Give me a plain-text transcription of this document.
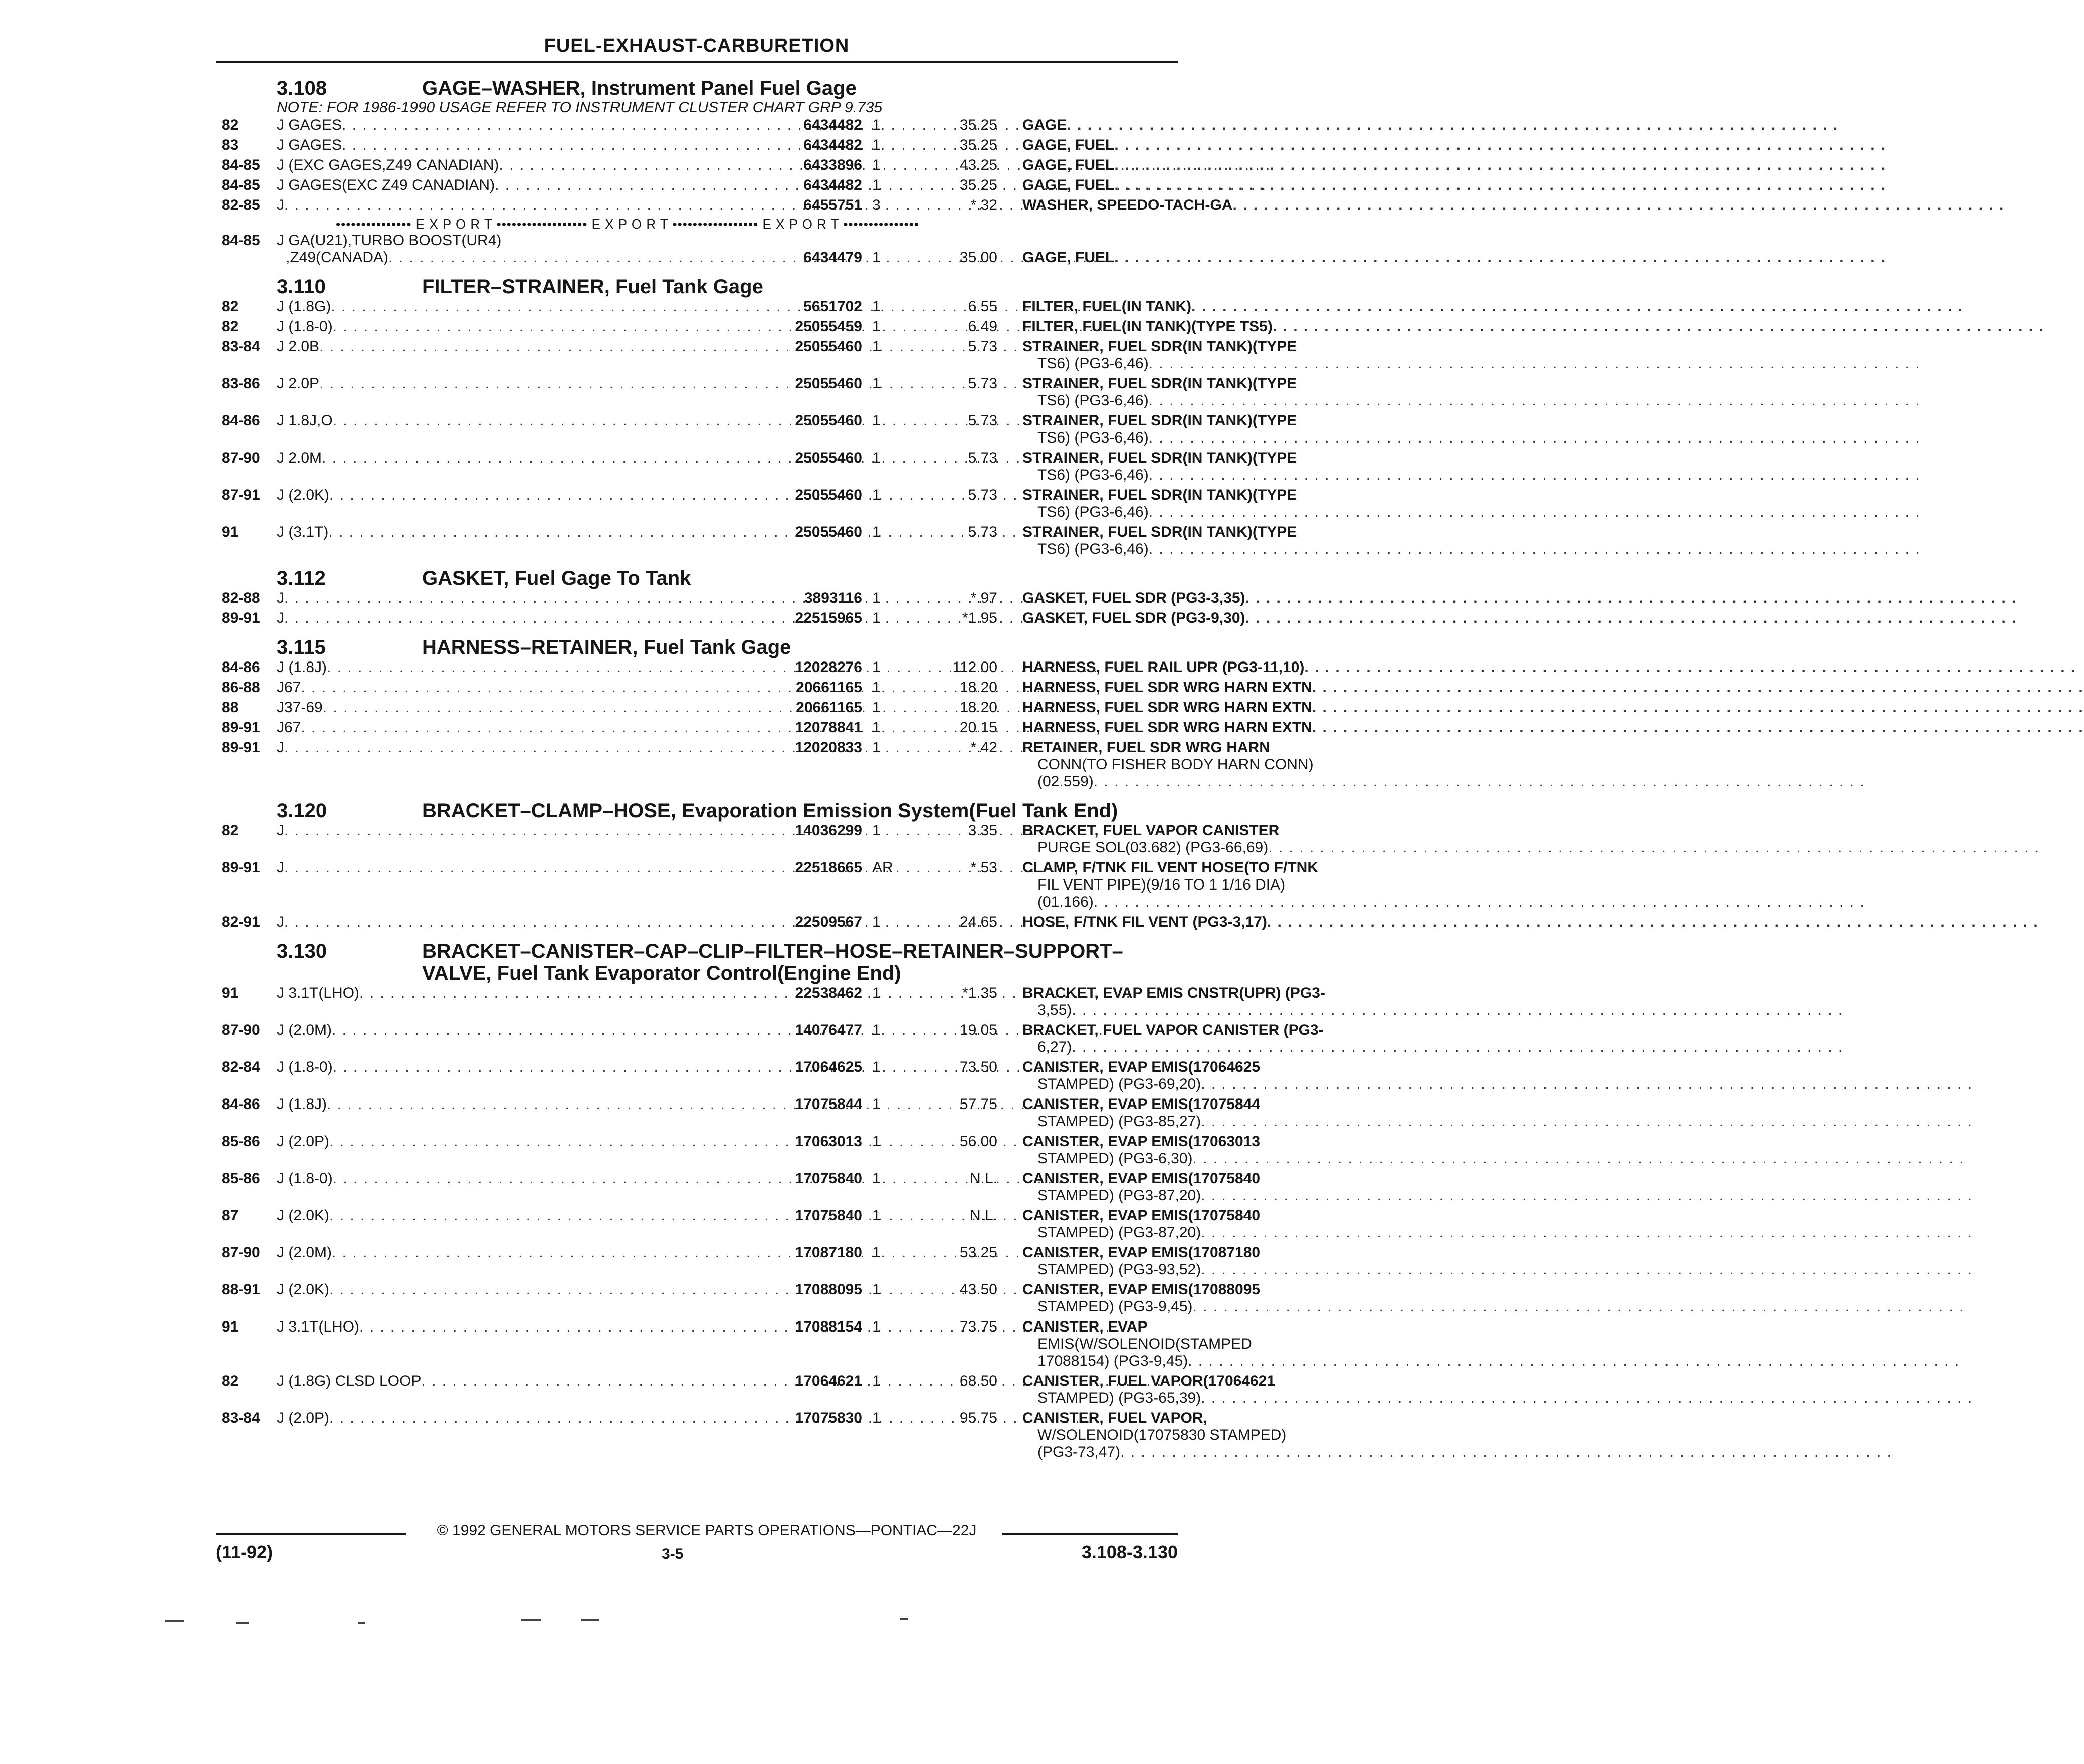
FUEL-EXHAUST-CARBURETION
3.108	GAGE–WASHER, Instrument Panel Fuel Gage
NOTE: FOR 1986-1990 USAGE REFER TO INSTRUMENT CLUSTER CHART GRP 9.735
82	J GAGES . . .	6434482 1	35.25 GAGE
. . .
83	J GAGES . . .	6434482 1	35.25 GAGE, FUEL
. . .
84-85 J (EXC GAGES,Z49 CANADIAN) . . .	6433896 1	43.25 GAGE, FUEL
. . .
84-85 J GAGES(EXC Z49 CANADIAN) . . .	6434482 1	35.25 GAGE, FUEL
. . .
82-85 J . . .	6455751 3	*.32 WASHER, SPEEDO-TACH-GA
. . .
••••••••••••••• E X P O R T •••••••••••••••••• E X P O R T ••••••••••••••••• E X P O R T •••••••••••••••
84-85 J GA(U21),TURBO BOOST(UR4)
,Z49(CANADA) . . .	6434479 1	35.00 GAGE, FUEL
. . .
3.110	FILTER–STRAINER, Fuel Tank Gage
82	J (1.8G) . . .	5651702 1	6.55 FILTER, FUEL(IN TANK)
. . .
82	J (1.8-0) . . .	25055459 1	6.49 FILTER, FUEL(IN TANK)(TYPE TS5)
. . .
83-84 J 2.0B . . .	25055460 1	5.73 STRAINER, FUEL SDR(IN TANK)(TYPE
TS6) (PG3-6,46)
. . .
83-86 J 2.0P . . .	25055460 1	5.73 STRAINER, FUEL SDR(IN TANK)(TYPE
TS6) (PG3-6,46)
. . .
84-86 J 1.8J,O . . .	25055460 1	5.73 STRAINER, FUEL SDR(IN TANK)(TYPE
TS6) (PG3-6,46)
. . .
87-90 J 2.0M . . .	25055460 1	5.73 STRAINER, FUEL SDR(IN TANK)(TYPE
TS6) (PG3-6,46)
. . .
87-91 J (2.0K) . . .	25055460 1	5.73 STRAINER, FUEL SDR(IN TANK)(TYPE
TS6) (PG3-6,46)
. . .
91	J (3.1T) . . .	25055460 1	5.73 STRAINER, FUEL SDR(IN TANK)(TYPE
TS6) (PG3-6,46)
. . .
3.112	GASKET, Fuel Gage To Tank
82-88 J . . .	3893116 1	*.97 GASKET, FUEL SDR (PG3-3,35)
. . .
89-91 J . . .	22515965 1	*1.95 GASKET, FUEL SDR (PG3-9,30)
. . .
3.115	HARNESS–RETAINER, Fuel Tank Gage
84-86 J (1.8J) . . .	12028276 1	112.00 HARNESS, FUEL RAIL UPR (PG3-11,10)
. . .
86-88 J67 . . .	20661165 1	18.20 HARNESS, FUEL SDR WRG HARN EXTN
. . .
88	J37-69 . . .	20661165 1	18.20 HARNESS, FUEL SDR WRG HARN EXTN
. . .
89-91 J67 . . .	12078841 1	20.15 HARNESS, FUEL SDR WRG HARN EXTN
. . .
89-91 J . . .	12020833 1	*.42 RETAINER, FUEL SDR WRG HARN
CONN(TO FISHER BODY HARN CONN)
(02.559)
. . .
3.120	BRACKET–CLAMP–HOSE, Evaporation Emission System(Fuel Tank End)
82	J . . .	14036299 1	3.35 BRACKET, FUEL VAPOR CANISTER
PURGE SOL(03.682) (PG3-66,69)
. . .
89-91 J . . .	22518665 AR	*.53 CLAMP, F/TNK FIL VENT HOSE(TO F/TNK
FIL VENT PIPE)(9/16 TO 1 1/16 DIA)
(01.166)
. . .
82-91 J . . .	22509567 1	24.65 HOSE, F/TNK FIL VENT (PG3-3,17)
. . .
3.130	BRACKET–CANISTER–CAP–CLIP–FILTER–HOSE–RETAINER–SUPPORT–VALVE, Fuel Tank Evaporator Control(Engine End)
91	J 3.1T(LHO) . . .	22538462 1	*1.35 BRACKET, EVAP EMIS CNSTR(UPR) (PG3-
3,55)
. . .
87-90 J (2.0M) . . .	14076477 1	19.05 BRACKET, FUEL VAPOR CANISTER (PG3-
6,27)
. . .
82-84 J (1.8-0) . . .	17064625 1	73.50 CANISTER, EVAP EMIS(17064625
STAMPED) (PG3-69,20)
. . .
84-86 J (1.8J) . . .	17075844 1	57.75 CANISTER, EVAP EMIS(17075844
STAMPED) (PG3-85,27)
. . .
85-86 J (2.0P) . . .	17063013 1	56.00 CANISTER, EVAP EMIS(17063013
STAMPED) (PG3-6,30)
. . .
85-86 J (1.8-0) . . .	17075840 1	N.L. CANISTER, EVAP EMIS(17075840
STAMPED) (PG3-87,20)
. . .
87	J (2.0K) . . .	17075840 1	N.L. CANISTER, EVAP EMIS(17075840
STAMPED) (PG3-87,20)
. . .
87-90 J (2.0M) . . .	17087180 1	53.25 CANISTER, EVAP EMIS(17087180
STAMPED) (PG3-93,52)
. . .
88-91 J (2.0K) . . .	17088095 1	43.50 CANISTER, EVAP EMIS(17088095
STAMPED) (PG3-9,45)
. . .
91	J 3.1T(LHO) . . .	17088154 1	73.75 CANISTER, EVAP
EMIS(W/SOLENOID(STAMPED
17088154) (PG3-9,45)
. . .
82	J (1.8G) CLSD LOOP . . .	17064621 1	68.50 CANISTER, FUEL VAPOR(17064621
STAMPED) (PG3-65,39)
. . .
83-84 J (2.0P) . . .	17075830 1	95.75 CANISTER, FUEL VAPOR,
W/SOLENOID(17075830 STAMPED)
(PG3-73,47)
. . .
© 1992 GENERAL MOTORS SERVICE PARTS OPERATIONS—PONTIAC—22J
(11-92)	3-5	3.108-3.130
